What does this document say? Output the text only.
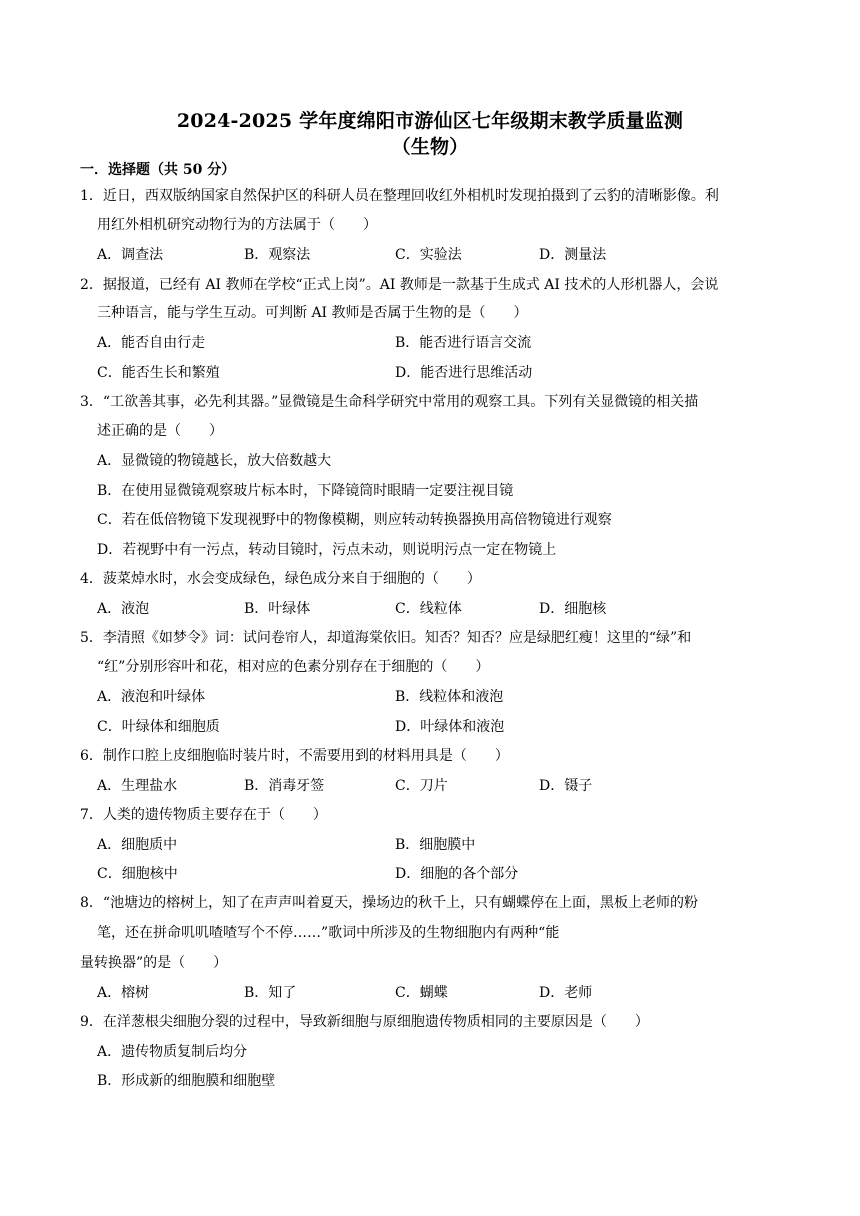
2024-2025 学年度绵阳市游仙区七年级期末教学质量监测
（生物）
一．选择题（共 50 分）
1．近日，西双版纳国家自然保护区的科研人员在整理回收红外相机时发现拍摄到了云豹的清晰影像。利
用红外相机研究动物行为的方法属于（　　）
A．调查法	B．观察法	C．实验法	D．测量法
2．据报道，已经有 AI 教师在学校“正式上岗”。AI 教师是一款基于生成式 AI 技术的人形机器人，会说
三种语言，能与学生互动。可判断 AI 教师是否属于生物的是（　　）
A．能否自由行走	B．能否进行语言交流
C．能否生长和繁殖	D．能否进行思维活动
3．“工欲善其事，必先利其器。”显微镜是生命科学研究中常用的观察工具。下列有关显微镜的相关描
述正确的是（　　）
A．显微镜的物镜越长，放大倍数越大
B．在使用显微镜观察玻片标本时，下降镜筒时眼睛一定要注视目镜
C．若在低倍物镜下发现视野中的物像模糊，则应转动转换器换用高倍物镜进行观察
D．若视野中有一污点，转动目镜时，污点未动，则说明污点一定在物镜上
4．菠菜焯水时，水会变成绿色，绿色成分来自于细胞的（　　）
A．液泡	B．叶绿体	C．线粒体	D．细胞核
5．李清照《如梦令》词：试问卷帘人，却道海棠依旧。知否？知否？应是绿肥红瘦！这里的“绿”和
“红”分别形容叶和花，相对应的色素分别存在于细胞的（　　）
A．液泡和叶绿体	B．线粒体和液泡
C．叶绿体和细胞质	D．叶绿体和液泡
6．制作口腔上皮细胞临时装片时，不需要用到的材料用具是（　　）
A．生理盐水	B．消毒牙签	C．刀片	D．镊子
7．人类的遗传物质主要存在于（　　）
A．细胞质中	B．细胞膜中
C．细胞核中	D．细胞的各个部分
8．“池塘边的榕树上，知了在声声叫着夏天，操场边的秋千上，只有蝴蝶停在上面，黑板上老师的粉
笔，还在拼命叽叽喳喳写个不停……”歌词中所涉及的生物细胞内有两种“能
量转换器”的是（　　）
A．榕树	B．知了	C．蝴蝶	D．老师
9．在洋葱根尖细胞分裂的过程中，导致新细胞与原细胞遗传物质相同的主要原因是（　　）
A．遗传物质复制后均分
B．形成新的细胞膜和细胞壁
